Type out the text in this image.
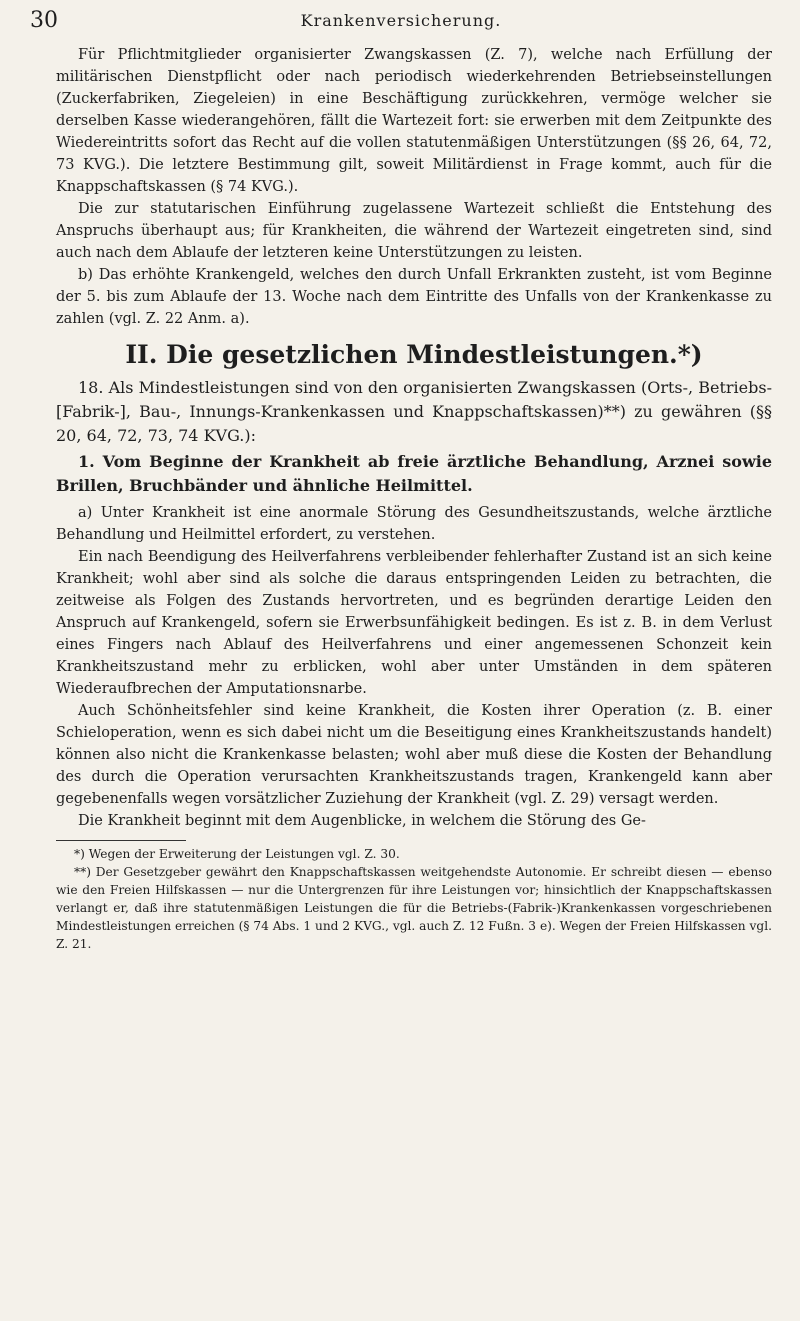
30	Krankenversicherung.

Für Pflichtmitglieder organisierter Zwangskassen (Z. 7), welche nach Erfüllung der militärischen Dienstpflicht oder nach periodisch wiederkehrenden Betriebseinstellungen (Zuckerfabriken, Ziegeleien) in eine Beschäftigung zurückkehren, vermöge welcher sie derselben Kasse wiederangehören, fällt die Wartezeit fort: sie erwerben mit dem Zeitpunkte des Wiedereintritts sofort das Recht auf die vollen statutenmäßigen Unterstützungen (§§ 26, 64, 72, 73 KVG.). Die letztere Bestimmung gilt, soweit Militärdienst in Frage kommt, auch für die Knappschaftskassen (§ 74 KVG.).

Die zur statutarischen Einführung zugelassene Wartezeit schließt die Entstehung des Anspruchs überhaupt aus; für Krankheiten, die während der Wartezeit eingetreten sind, sind auch nach dem Ablaufe der letzteren keine Unterstützungen zu leisten.

b) Das erhöhte Krankengeld, welches den durch Unfall Erkrankten zusteht, ist vom Beginne der 5. bis zum Ablaufe der 13. Woche nach dem Eintritte des Unfalls von der Krankenkasse zu zahlen (vgl. Z. 22 Anm. a).

II. Die gesetzlichen Mindestleistungen.*)

18. Als Mindestleistungen sind von den organisierten Zwangskassen (Orts-, Betriebs-[Fabrik-], Bau-, Innungs-Krankenkassen und Knappschaftskassen)**) zu gewähren (§§ 20, 64, 72, 73, 74 KVG.):

1. Vom Beginne der Krankheit ab freie ärztliche Behandlung, Arznei sowie Brillen, Bruchbänder und ähnliche Heilmittel.

a) Unter Krankheit ist eine anormale Störung des Gesundheitszustands, welche ärztliche Behandlung und Heilmittel erfordert, zu verstehen.

Ein nach Beendigung des Heilverfahrens verbleibender fehlerhafter Zustand ist an sich keine Krankheit; wohl aber sind als solche die daraus entspringenden Leiden zu betrachten, die zeitweise als Folgen des Zustands hervortreten, und es begründen derartige Leiden den Anspruch auf Krankengeld, sofern sie Erwerbsunfähigkeit bedingen. Es ist z. B. in dem Verlust eines Fingers nach Ablauf des Heilverfahrens und einer angemessenen Schonzeit kein Krankheitszustand mehr zu erblicken, wohl aber unter Umständen in dem späteren Wiederaufbrechen der Amputationsnarbe.

Auch Schönheitsfehler sind keine Krankheit, die Kosten ihrer Operation (z. B. einer Schieloperation, wenn es sich dabei nicht um die Beseitigung eines Krankheitszustands handelt) können also nicht die Krankenkasse belasten; wohl aber muß diese die Kosten der Behandlung des durch die Operation verursachten Krankheitszustands tragen, Krankengeld kann aber gegebenenfalls wegen vorsätzlicher Zuziehung der Krankheit (vgl. Z. 29) versagt werden.

Die Krankheit beginnt mit dem Augenblicke, in welchem die Störung des Ge-

*) Wegen der Erweiterung der Leistungen vgl. Z. 30.

**) Der Gesetzgeber gewährt den Knappschaftskassen weitgehendste Autonomie. Er schreibt diesen — ebenso wie den Freien Hilfskassen — nur die Untergrenzen für ihre Leistungen vor; hinsichtlich der Knappschaftskassen verlangt er, daß ihre statutenmäßigen Leistungen die für die Betriebs-(Fabrik-)Krankenkassen vorgeschriebenen Mindestleistungen erreichen (§ 74 Abs. 1 und 2 KVG., vgl. auch Z. 12 Fußn. 3 e). Wegen der Freien Hilfskassen vgl. Z. 21.
